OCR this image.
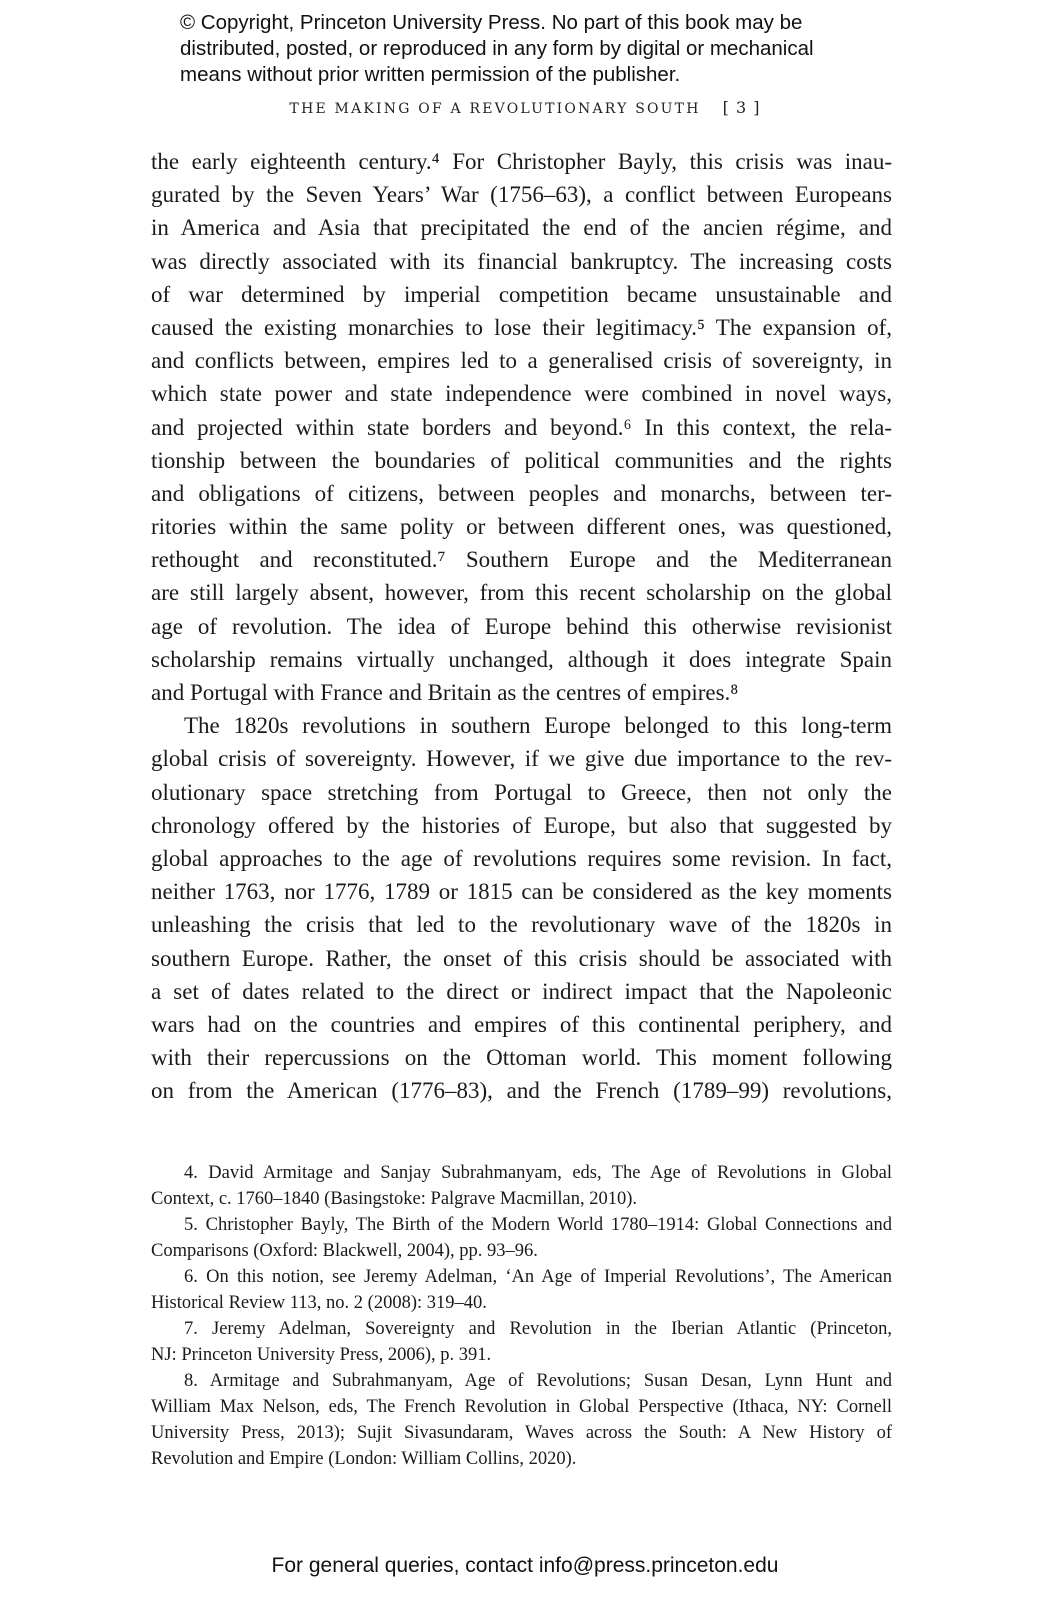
© Copyright, Princeton University Press. No part of this book may be
distributed, posted, or reproduced in any form by digital or mechanical
means without prior written permission of the publisher.
THE MAKING OF A REVOLUTIONARY SOUTH [ 3 ]
the early eighteenth century.⁴ For Christopher Bayly, this crisis was inau-
gurated by the Seven Years’ War (1756–63), a conflict between Europeans
in America and Asia that precipitated the end of the ancien régime, and
was directly associated with its financial bankruptcy. The increasing costs
of war determined by imperial competition became unsustainable and
caused the existing monarchies to lose their legitimacy.⁵ The expansion of,
and conflicts between, empires led to a generalised crisis of sovereignty, in
which state power and state independence were combined in novel ways,
and projected within state borders and beyond.⁶ In this context, the rela-
tionship between the boundaries of political communities and the rights
and obligations of citizens, between peoples and monarchs, between ter-
ritories within the same polity or between different ones, was questioned,
rethought and reconstituted.⁷ Southern Europe and the Mediterranean
are still largely absent, however, from this recent scholarship on the global
age of revolution. The idea of Europe behind this otherwise revisionist
scholarship remains virtually unchanged, although it does integrate Spain
and Portugal with France and Britain as the centres of empires.⁸
The 1820s revolutions in southern Europe belonged to this long-term
global crisis of sovereignty. However, if we give due importance to the rev-
olutionary space stretching from Portugal to Greece, then not only the
chronology offered by the histories of Europe, but also that suggested by
global approaches to the age of revolutions requires some revision. In fact,
neither 1763, nor 1776, 1789 or 1815 can be considered as the key moments
unleashing the crisis that led to the revolutionary wave of the 1820s in
southern Europe. Rather, the onset of this crisis should be associated with
a set of dates related to the direct or indirect impact that the Napoleonic
wars had on the countries and empires of this continental periphery, and
with their repercussions on the Ottoman world. This moment following
on from the American (1776–83), and the French (1789–99) revolutions,
4. David Armitage and Sanjay Subrahmanyam, eds, The Age of Revolutions in Global
Context, c. 1760–1840 (Basingstoke: Palgrave Macmillan, 2010).
5. Christopher Bayly, The Birth of the Modern World 1780–1914: Global Connections and
Comparisons (Oxford: Blackwell, 2004), pp. 93–96.
6. On this notion, see Jeremy Adelman, ‘An Age of Imperial Revolutions’, The American
Historical Review 113, no. 2 (2008): 319–40.
7. Jeremy Adelman, Sovereignty and Revolution in the Iberian Atlantic (Princeton,
NJ: Princeton University Press, 2006), p. 391.
8. Armitage and Subrahmanyam, Age of Revolutions; Susan Desan, Lynn Hunt and
William Max Nelson, eds, The French Revolution in Global Perspective (Ithaca, NY: Cornell
University Press, 2013); Sujit Sivasundaram, Waves across the South: A New History of
Revolution and Empire (London: William Collins, 2020).
For general queries, contact info@press.princeton.edu
